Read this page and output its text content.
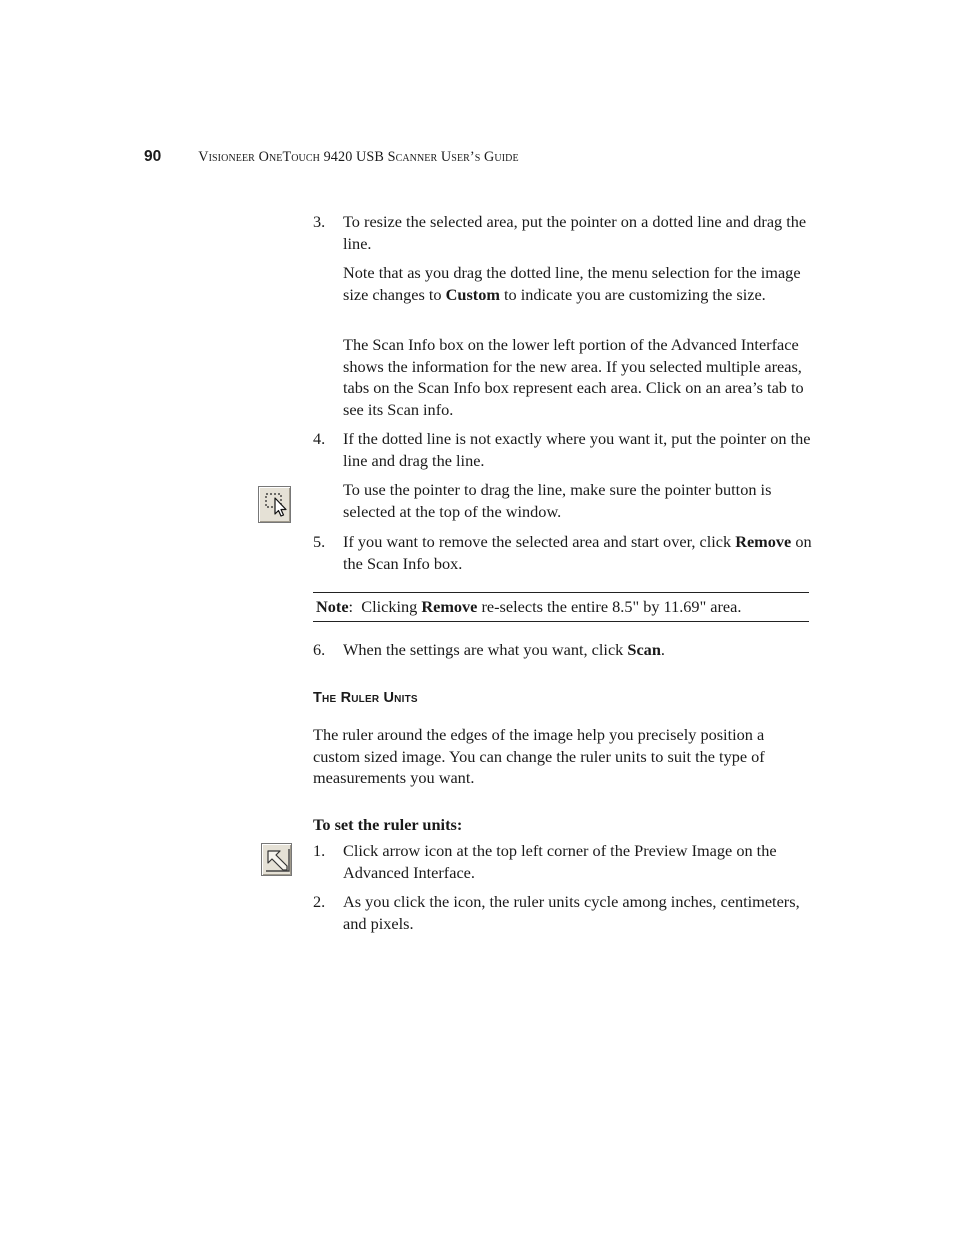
90	Visioneer OneTouch 9420 USB Scanner User’s Guide
3. To resize the selected area, put the pointer on a dotted line and drag the line.
Note that as you drag the dotted line, the menu selection for the image size changes to Custom to indicate you are customizing the size.
The Scan Info box on the lower left portion of the Advanced Interface shows the information for the new area. If you selected multiple areas, tabs on the Scan Info box represent each area. Click on an area’s tab to see its Scan info.
4. If the dotted line is not exactly where you want it, put the pointer on the line and drag the line.
To use the pointer to drag the line, make sure the pointer button is selected at the top of the window.
5. If you want to remove the selected area and start over, click Remove on the Scan Info box.
Note:  Clicking Remove re-selects the entire 8.5" by 11.69" area.
6. When the settings are what you want, click Scan.
The Ruler Units
The ruler around the edges of the image help you precisely position a custom sized image. You can change the ruler units to suit the type of measurements you want.
To set the ruler units:
1. Click arrow icon at the top left corner of the Preview Image on the Advanced Interface.
2. As you click the icon, the ruler units cycle among inches, centimeters, and pixels.
